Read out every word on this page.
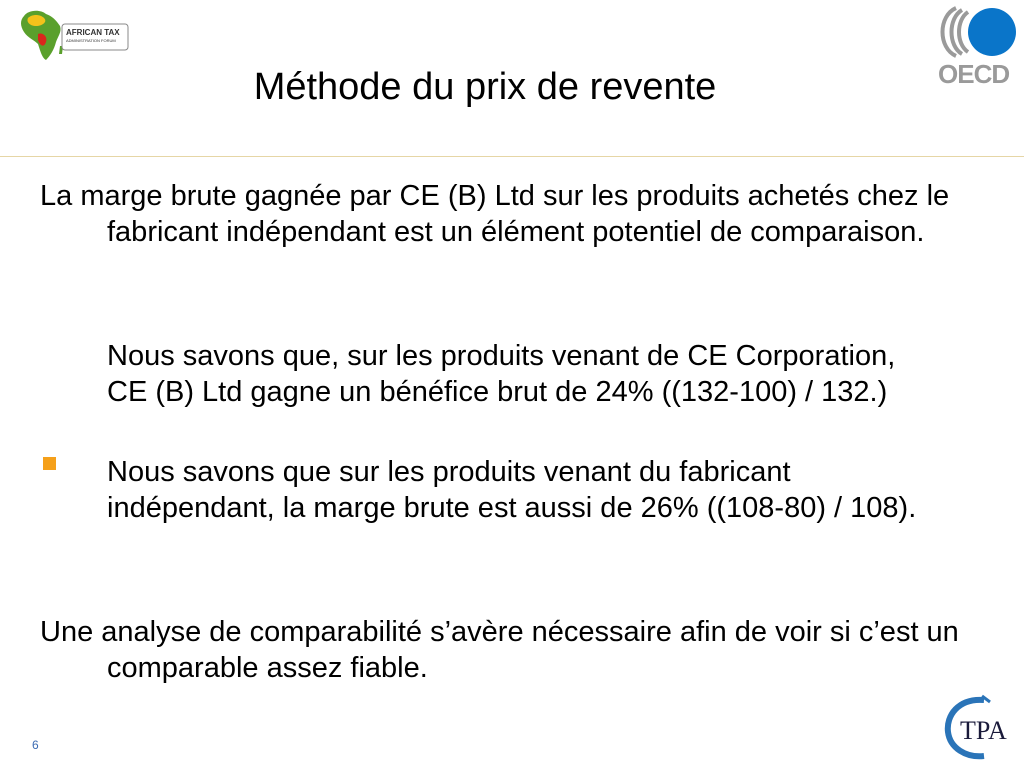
AFRICAN TAX
ADMINISTRATION FORUM
OECD
Méthode du prix de revente
La marge brute gagnée par CE (B) Ltd sur les produits achetés chez le fabricant indépendant est un élément potentiel de comparaison.
Nous savons que, sur les produits venant de CE Corporation, CE (B) Ltd gagne un bénéfice brut de 24% ((132-100) / 132.)
Nous savons que sur les produits venant du fabricant indépendant, la marge brute est aussi de 26% ((108-80) / 108).
Une analyse de comparabilité s’avère nécessaire afin de voir si c’est un comparable assez fiable.
6	TPA
